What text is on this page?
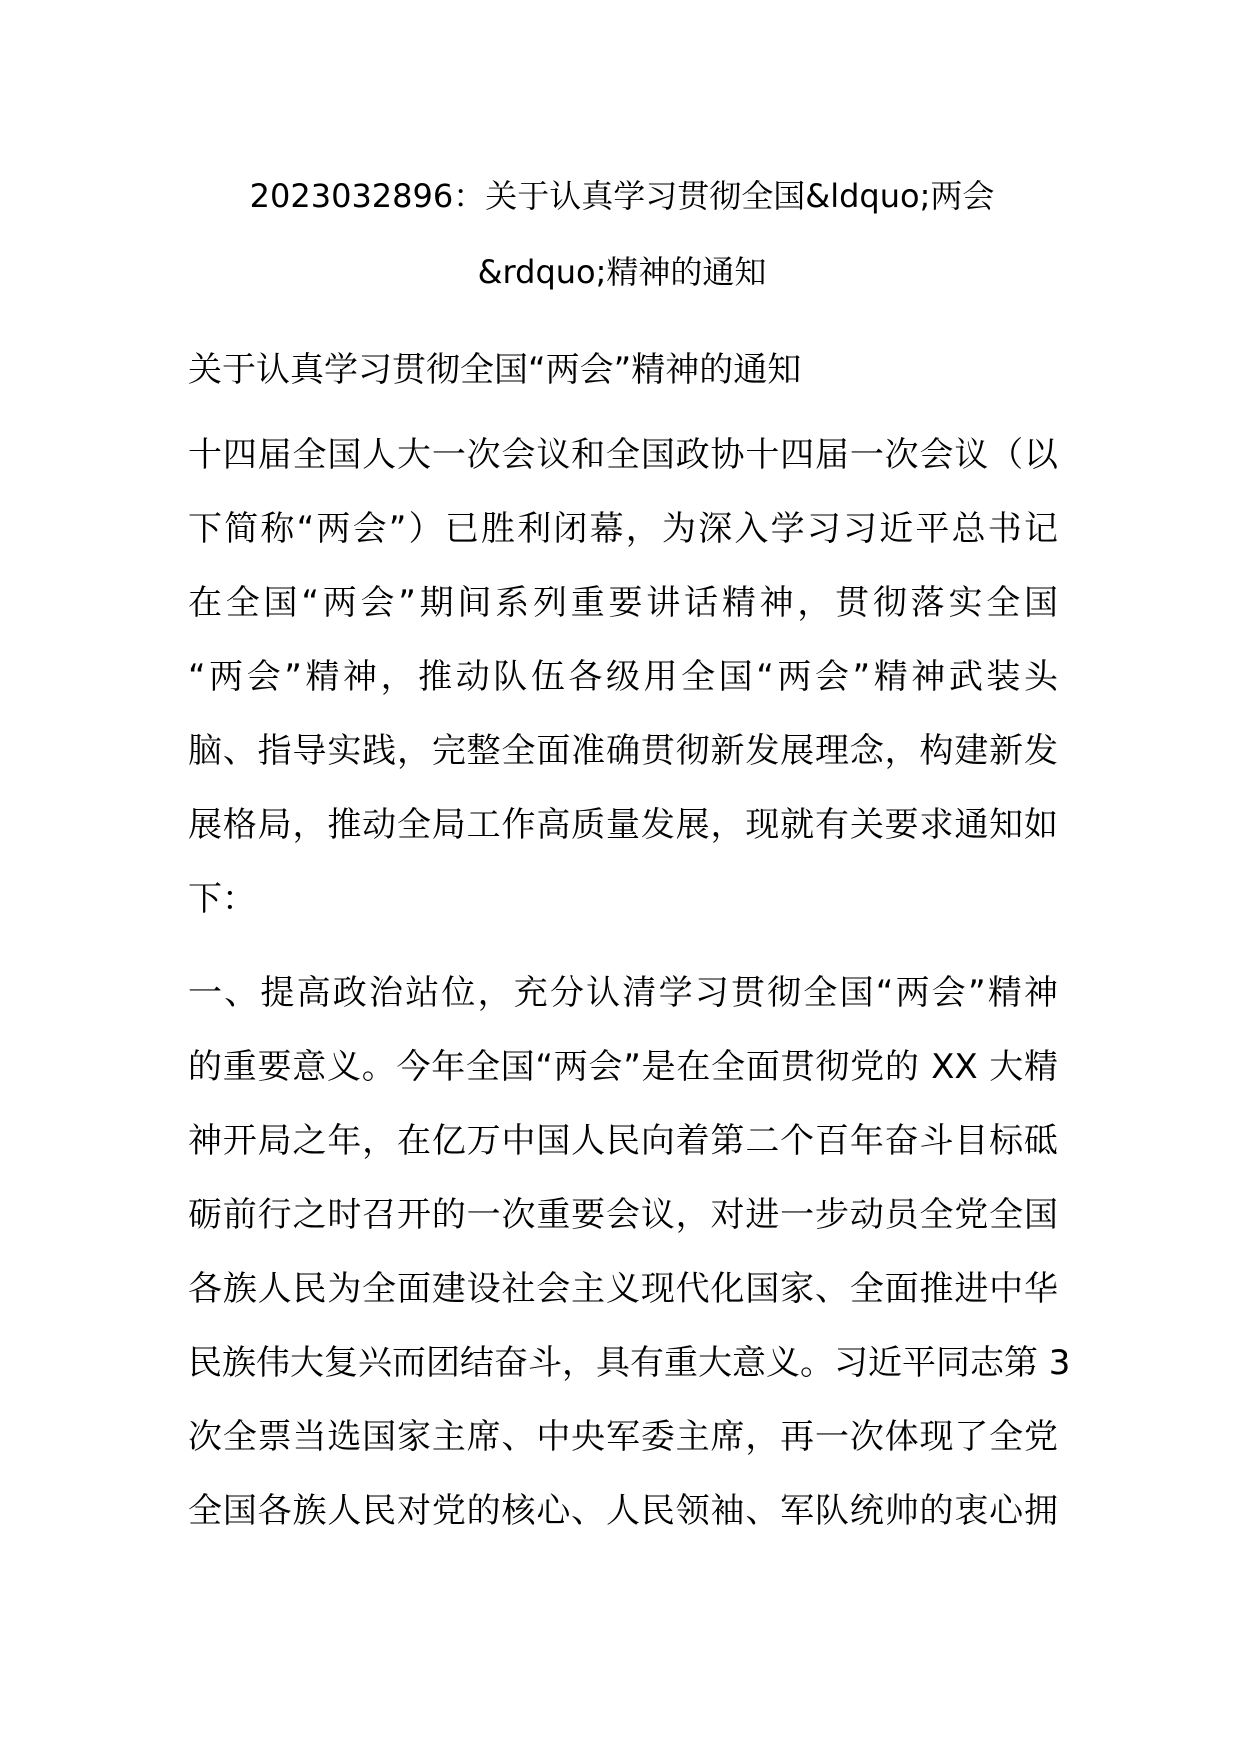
2023032896：关于认真学习贯彻全国&ldquo;两会
&rdquo;精神的通知

关于认真学习贯彻全国“两会”精神的通知

十四届全国人大一次会议和全国政协十四届一次会议（以
下简称“两会”）已胜利闭幕，为深入学习习近平总书记
在全国“两会”期间系列重要讲话精神，贯彻落实全国
“两会”精神，推动队伍各级用全国“两会”精神武装头
脑、指导实践，完整全面准确贯彻新发展理念，构建新发
展格局，推动全局工作高质量发展，现就有关要求通知如
下：

一、提高政治站位，充分认清学习贯彻全国“两会”精神
的重要意义。今年全国“两会”是在全面贯彻党的 XX 大精
神开局之年，在亿万中国人民向着第二个百年奋斗目标砥
砺前行之时召开的一次重要会议，对进一步动员全党全国
各族人民为全面建设社会主义现代化国家、全面推进中华
民族伟大复兴而团结奋斗，具有重大意义。习近平同志第 3
次全票当选国家主席、中央军委主席，再一次体现了全党
全国各族人民对党的核心、人民领袖、军队统帅的衷心拥
